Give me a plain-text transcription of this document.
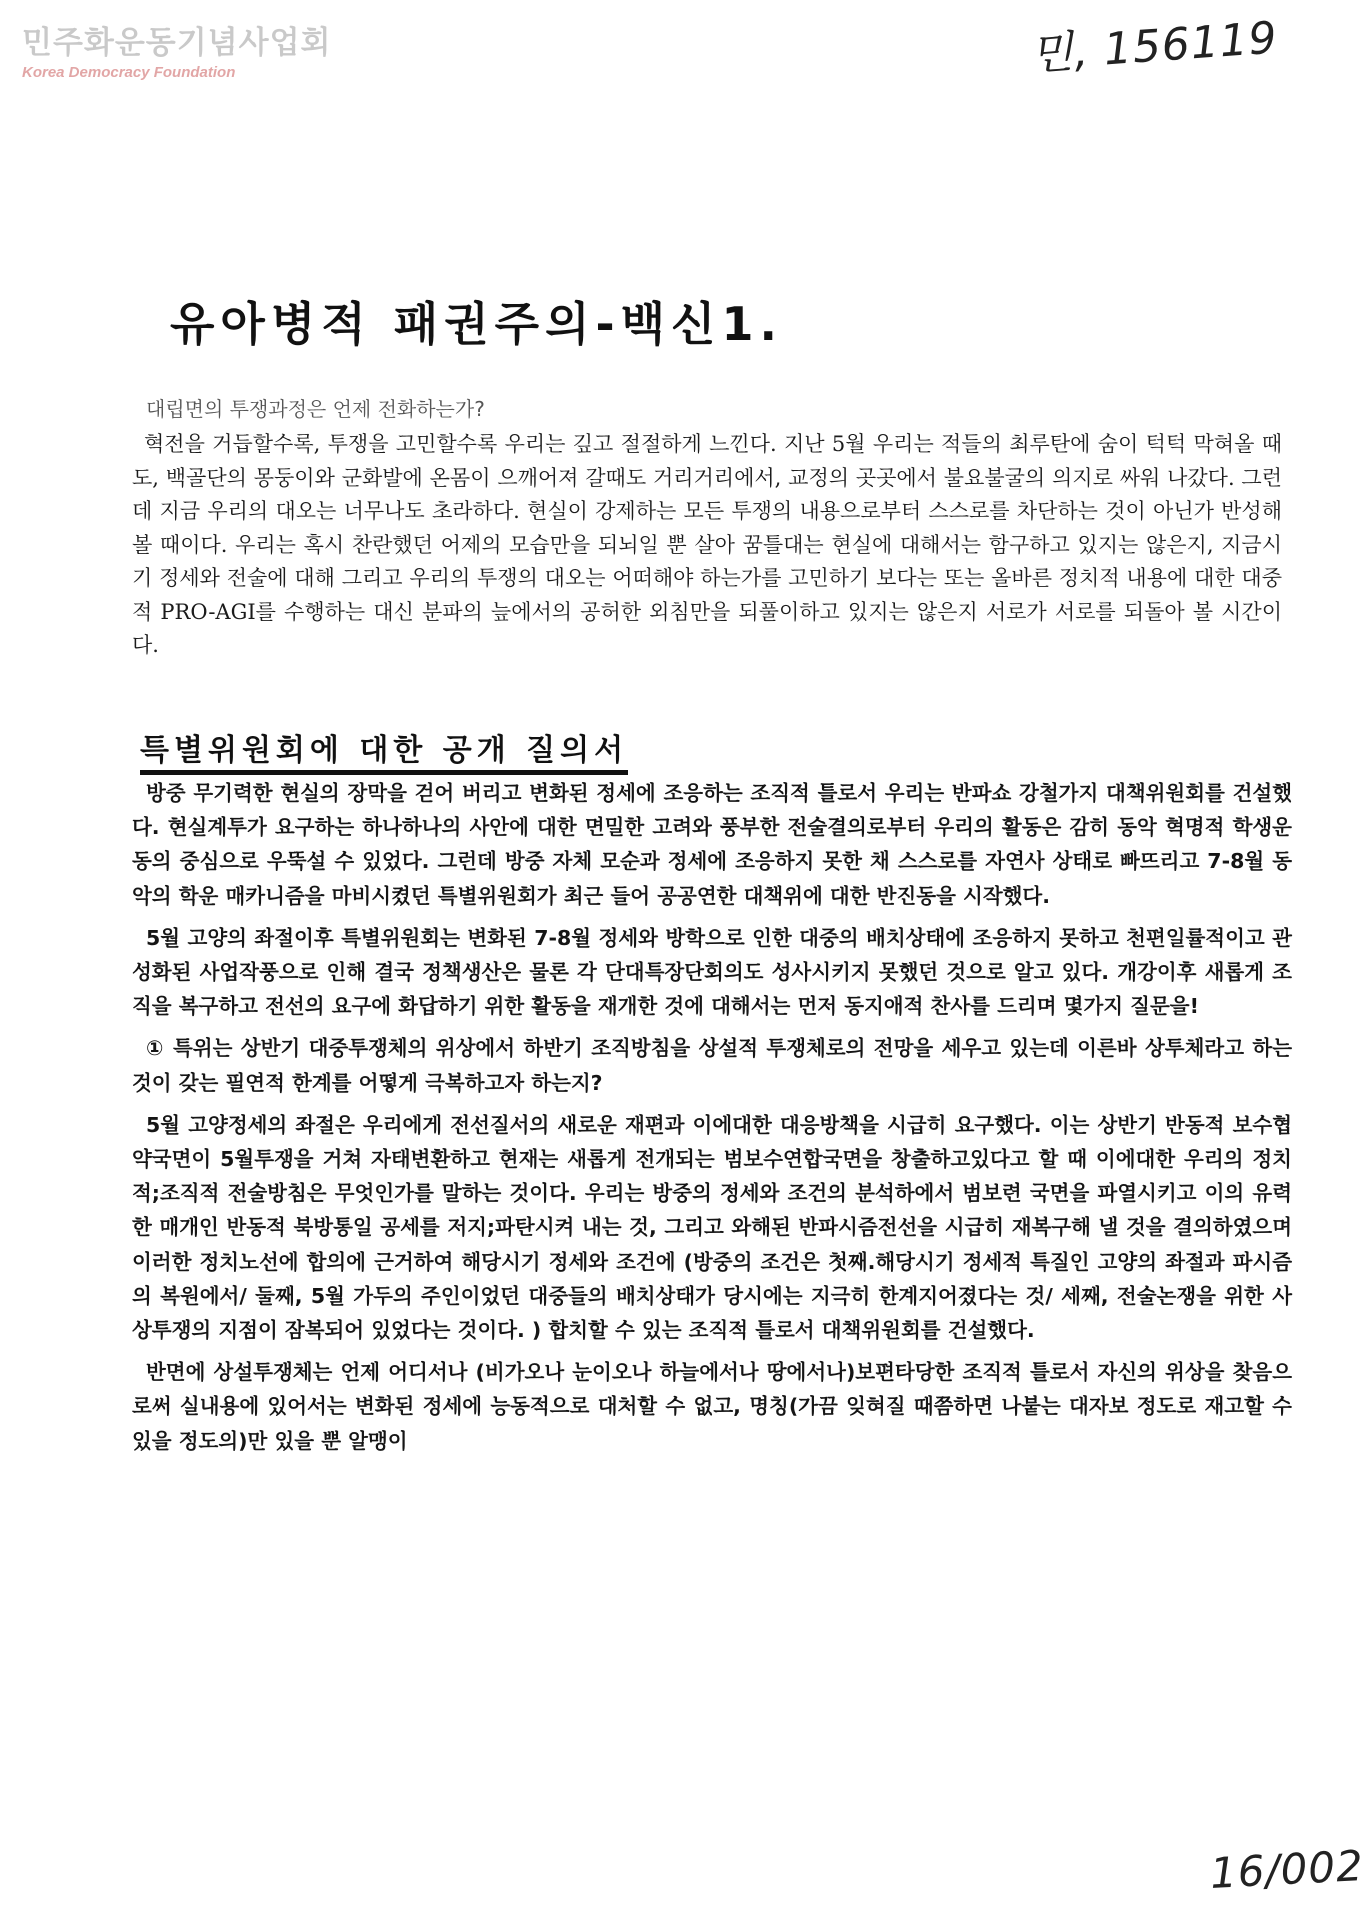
민주화운동기념사업회
Korea Democracy Foundation	민, 156119
유아병적 패권주의-백신1.
대립면의 투쟁과정은 언제 전화하는가?

혁전을 거듭할수록, 투쟁을 고민할수록 우리는 깊고 절절하게 느낀다. 지난 5월 우리는 적들의 최루탄에 숨이 턱턱 막혀올 때도, 백골단의 몽둥이와 군화발에 온몸이 으깨어져 갈때도 거리거리에서, 교정의 곳곳에서 불요불굴의 의지로 싸워 나갔다. 그런데 지금 우리의 대오는 너무나도 초라하다. 현실이 강제하는 모든 투쟁의 내용으로부터 스스로를 차단하는 것이 아닌가 반성해 볼 때이다. 우리는 혹시 찬란했던 어제의 모습만을 되뇌일 뿐 살아 꿈틀대는 현실에 대해서는 함구하고 있지는 않은지, 지금시기 정세와 전술에 대해 그리고 우리의 투쟁의 대오는 어떠해야 하는가를 고민하기 보다는 또는 올바른 정치적 내용에 대한 대중적 PRO-AGI를 수행하는 대신 분파의 늪에서의 공허한 외침만을 되풀이하고 있지는 않은지 서로가 서로를 되돌아 볼 시간이다.

특별위원회에 대한 공개 질의서

방중 무기력한 현실의 장막을 걷어 버리고 변화된 정세에 조응하는 조직적 틀로서 우리는 반파쇼 강철가지 대책위원회를 건설했다. 현실계투가 요구하는 하나하나의 사안에 대한 면밀한 고려와 풍부한 전술결의로부터 우리의 활동은 감히 동악 혁명적 학생운동의 중심으로 우뚝설 수 있었다. 그런데 방중 자체 모순과 정세에 조응하지 못한 채 스스로를 자연사 상태로 빠뜨리고 7-8월 동악의 학운 매카니즘을 마비시켰던 특별위원회가 최근 들어 공공연한 대책위에 대한 반진동을 시작했다.

5월 고양의 좌절이후 특별위원회는 변화된 7-8월 정세와 방학으로 인한 대중의 배치상태에 조응하지 못하고 천편일률적이고 관성화된 사업작풍으로 인해 결국 정책생산은 물론 각 단대특장단회의도 성사시키지 못했던 것으로 알고 있다. 개강이후 새롭게 조직을 복구하고 전선의 요구에 화답하기 위한 활동을 재개한 것에 대해서는 먼저 동지애적 찬사를 드리며 몇가지 질문을!

① 특위는 상반기 대중투쟁체의 위상에서 하반기 조직방침을 상설적 투쟁체로의 전망을 세우고 있는데 이른바 상투체라고 하는 것이 갖는 필연적 한계를 어떻게 극복하고자 하는지?

5월 고양정세의 좌절은 우리에게 전선질서의 새로운 재편과 이에대한 대응방책을 시급히 요구했다. 이는 상반기 반동적 보수협약국면이 5월투쟁을 거쳐 자태변환하고 현재는 새롭게 전개되는 범보수연합국면을 창출하고있다고 할 때 이에대한 우리의 정치적;조직적 전술방침은 무엇인가를 말하는 것이다. 우리는 방중의 정세와 조건의 분석하에서 범보련 국면을 파열시키고 이의 유력한 매개인 반동적 북방통일 공세를 저지;파탄시켜 내는 것, 그리고 와해된 반파시즘전선을 시급히 재복구해 낼 것을 결의하였으며 이러한 정치노선에 합의에 근거하여 해당시기 정세와 조건에 (방중의 조건은 첫째.해당시기 정세적 특질인 고양의 좌절과 파시즘의 복원에서/ 둘째, 5월 가두의 주인이었던 대중들의 배치상태가 당시에는 지극히 한계지어졌다는 것/ 세째, 전술논쟁을 위한 사상투쟁의 지점이 잠복되어 있었다는 것이다. ) 합치할 수 있는 조직적 틀로서 대책위원회를 건설했다.

반면에 상설투쟁체는 언제 어디서나 (비가오나 눈이오나 하늘에서나 땅에서나)보편타당한 조직적 틀로서 자신의 위상을 찾음으로써 실내용에 있어서는 변화된 정세에 능동적으로 대처할 수 없고, 명칭(가끔 잊혀질 때쯤하면 나붙는 대자보 정도로 재고할 수있을 정도의)만 있을 뿐 알맹이

16/002
